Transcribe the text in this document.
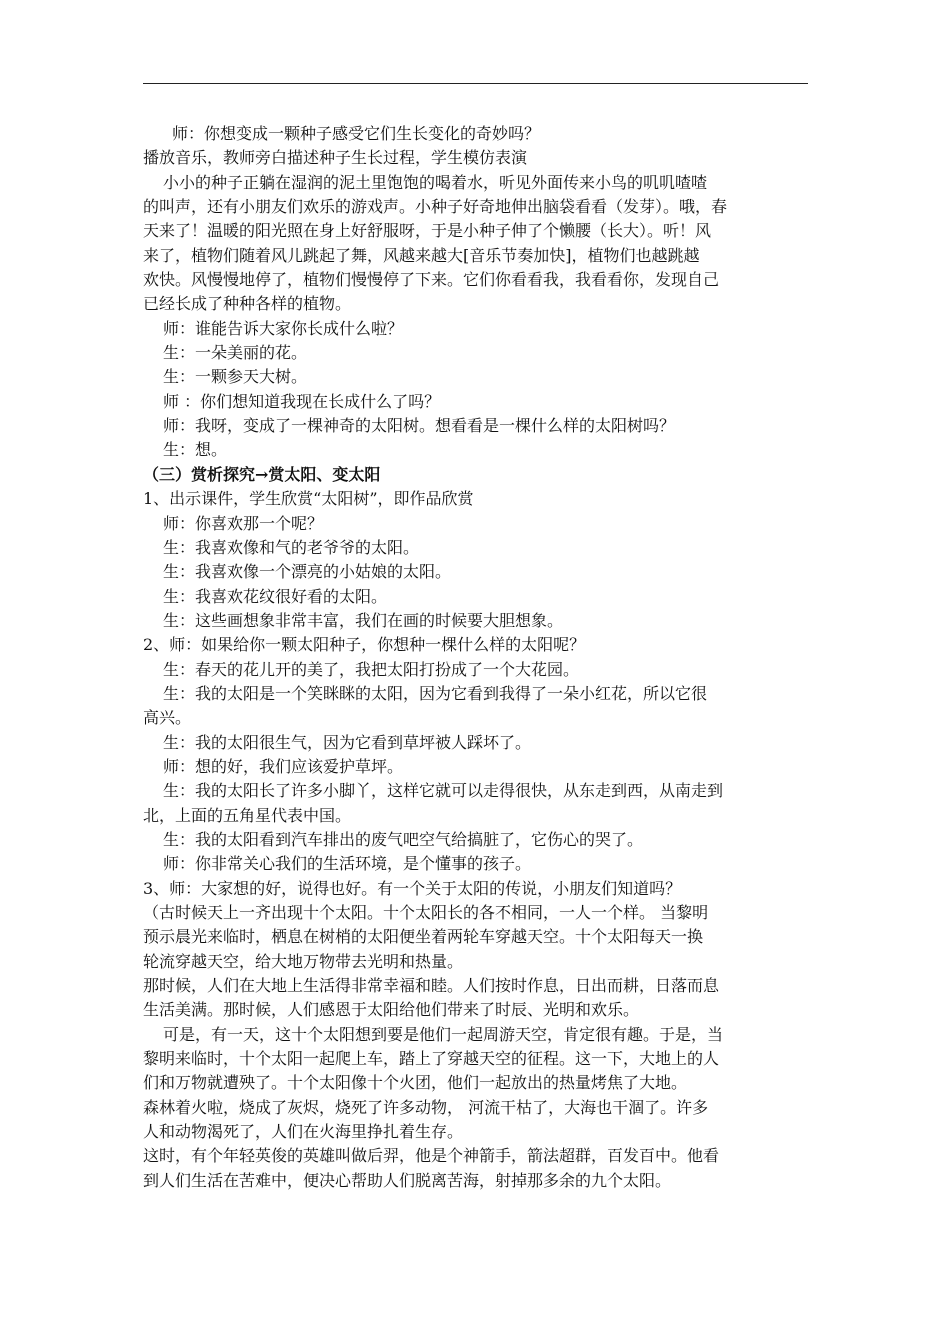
师：你想变成一颗种子感受它们生长变化的奇妙吗？
播放音乐，教师旁白描述种子生长过程，学生模仿表演
小小的种子正躺在湿润的泥土里饱饱的喝着水，听见外面传来小鸟的叽叽喳喳
的叫声，还有小朋友们欢乐的游戏声。小种子好奇地伸出脑袋看看（发芽）。哦，春
天来了！温暖的阳光照在身上好舒服呀，于是小种子伸了个懒腰（长大）。听！风
来了，植物们随着风儿跳起了舞，风越来越大[音乐节奏加快]，植物们也越跳越
欢快。风慢慢地停了，植物们慢慢停了下来。它们你看看我，我看看你，发现自己
已经长成了种种各样的植物。
师：谁能告诉大家你长成什么啦？
生：一朵美丽的花。
生：一颗参天大树。
师 ：你们想知道我现在长成什么了吗？
师：我呀，变成了一棵神奇的太阳树。想看看是一棵什么样的太阳树吗？
生：想。
（三）赏析探究→赏太阳、变太阳
1、出示课件，学生欣赏“太阳树”，即作品欣赏
师：你喜欢那一个呢？
生：我喜欢像和气的老爷爷的太阳。
生：我喜欢像一个漂亮的小姑娘的太阳。
生：我喜欢花纹很好看的太阳。
生：这些画想象非常丰富，我们在画的时候要大胆想象。
2、师：如果给你一颗太阳种子，你想种一棵什么样的太阳呢？
生：春天的花儿开的美了，我把太阳打扮成了一个大花园。
生：我的太阳是一个笑眯眯的太阳，因为它看到我得了一朵小红花，所以它很
高兴。
生：我的太阳很生气，因为它看到草坪被人踩坏了。
师：想的好，我们应该爱护草坪。
生：我的太阳长了许多小脚丫，这样它就可以走得很快，从东走到西，从南走到
北，上面的五角星代表中国。
生：我的太阳看到汽车排出的废气吧空气给搞脏了，它伤心的哭了。
师：你非常关心我们的生活环境，是个懂事的孩子。
3、师：大家想的好，说得也好。有一个关于太阳的传说，小朋友们知道吗？
（古时候天上一齐出现十个太阳。十个太阳长的各不相同，一人一个样。 当黎明
预示晨光来临时，栖息在树梢的太阳便坐着两轮车穿越天空。十个太阳每天一换
轮流穿越天空，给大地万物带去光明和热量。
那时候，人们在大地上生活得非常幸福和睦。人们按时作息，日出而耕，日落而息
生活美满。那时候，人们感恩于太阳给他们带来了时辰、光明和欢乐。
可是，有一天，这十个太阳想到要是他们一起周游天空，肯定很有趣。于是，当
黎明来临时，十个太阳一起爬上车，踏上了穿越天空的征程。这一下，大地上的人
们和万物就遭殃了。十个太阳像十个火团，他们一起放出的热量烤焦了大地。
森林着火啦，烧成了灰烬，烧死了许多动物， 河流干枯了，大海也干涸了。许多
人和动物渴死了，人们在火海里挣扎着生存。
这时，有个年轻英俊的英雄叫做后羿，他是个神箭手，箭法超群，百发百中。他看
到人们生活在苦难中，便决心帮助人们脱离苦海，射掉那多余的九个太阳。
